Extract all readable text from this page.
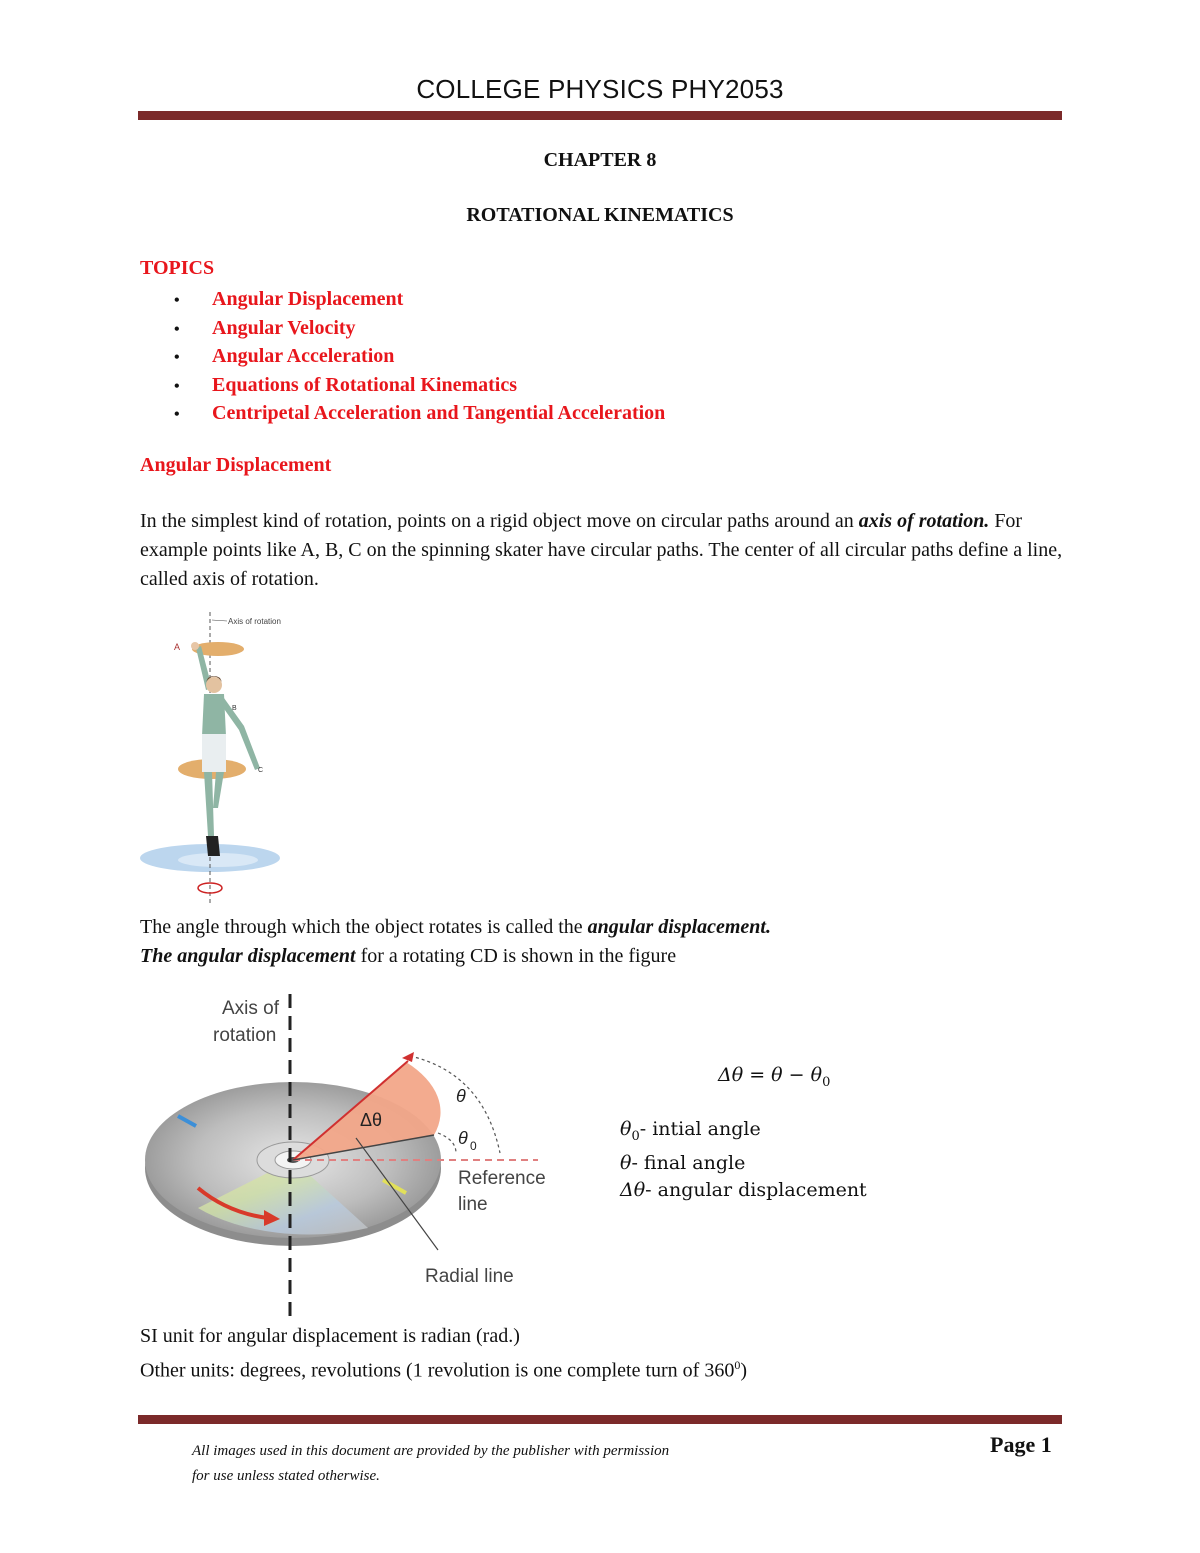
COLLEGE PHYSICS PHY2053
CHAPTER 8
ROTATIONAL KINEMATICS
TOPICS
• Angular Displacement
• Angular Velocity
• Angular Acceleration
• Equations of Rotational Kinematics
• Centripetal Acceleration and Tangential Acceleration
Angular Displacement

In the simplest kind of rotation, points on a rigid object move on circular paths around an axis of rotation. For example points like A, B, C on the spinning skater have circular paths. The center of all circular paths define a line, called axis of rotation.

Axis of rotation
A
B
C

The angle through which the object rotates is called the angular displacement.

The angular displacement for a rotating CD is shown in the figure

Axis of
rotation
θ
θ 0
Δθ
Reference
line
Radial line
$\Delta\theta = \theta - \theta_0$
$\theta_0-$ intial angle
θ- final angle
Δθ- angular displacement

SI unit for angular displacement is radian (rad.)

Other units: degrees, revolutions (1 revolution is one complete turn of $360^0$)

All images used in this document are provided by the publisher with permission
for use unless stated otherwise.
Page 1
